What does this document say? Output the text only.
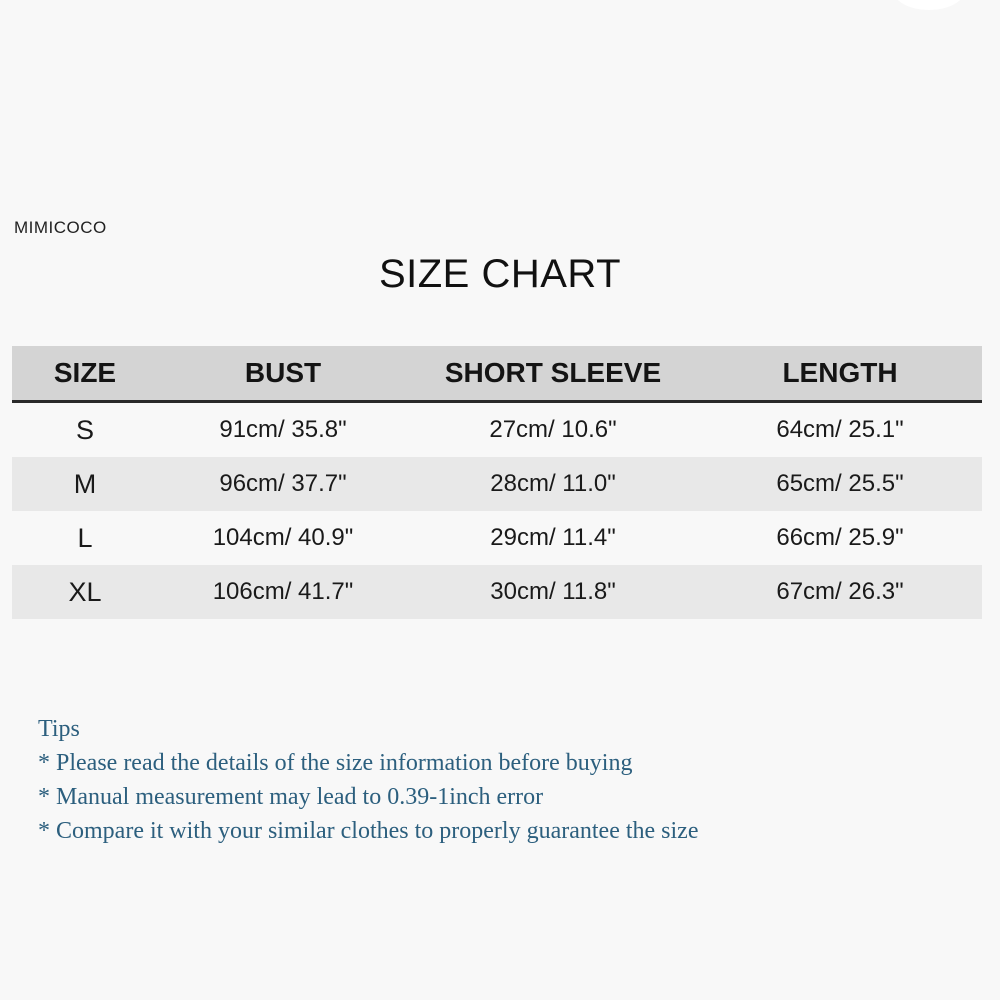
MIMICOCO
SIZE CHART
SIZE	BUST	SHORT SLEEVE	LENGTH
S	91cm/ 35.8"	27cm/ 10.6"	64cm/ 25.1"
M	96cm/ 37.7"	28cm/ 11.0"	65cm/ 25.5"
L	104cm/ 40.9"	29cm/ 11.4"	66cm/ 25.9"
XL	106cm/ 41.7"	30cm/ 11.8"	67cm/ 26.3"
Tips
* Please read the details of the size information before buying
* Manual measurement may lead to 0.39-1inch error
* Compare it with your similar clothes to properly guarantee the size
